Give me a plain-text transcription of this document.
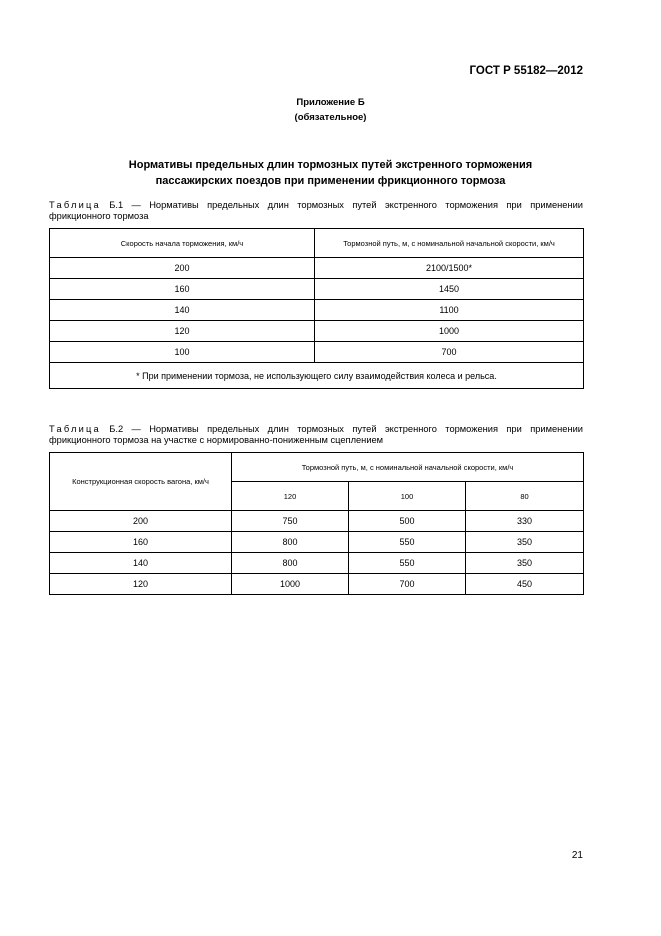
ГОСТ Р 55182—2012
Приложение Б
(обязательное)
Нормативы предельных длин тормозных путей экстренного торможения
пассажирских поездов при применении фрикционного тормоза
Таблица Б.1 — Нормативы предельных длин тормозных путей экстренного торможения при применении фрикционного тормоза
Скорость начала торможения, км/ч	Тормозной путь, м, с номинальной начальной скорости, км/ч
200	2100/1500*
160	1450
140	1100
120	1000
100	700
* При применении тормоза, не использующего силу взаимодействия колеса и рельса.	
Таблица Б.2 — Нормативы предельных длин тормозных путей экстренного торможения при применении фрикционного тормоза на участке с нормированно-пониженным сцеплением
Конструкционная скорость вагона, км/ч	Тормозной путь, м, с номинальной начальной скорости, км/ч		
	120	100	80
200	750	500	330
160	800	550	350
140	800	550	350
120	1000	700	450
21
